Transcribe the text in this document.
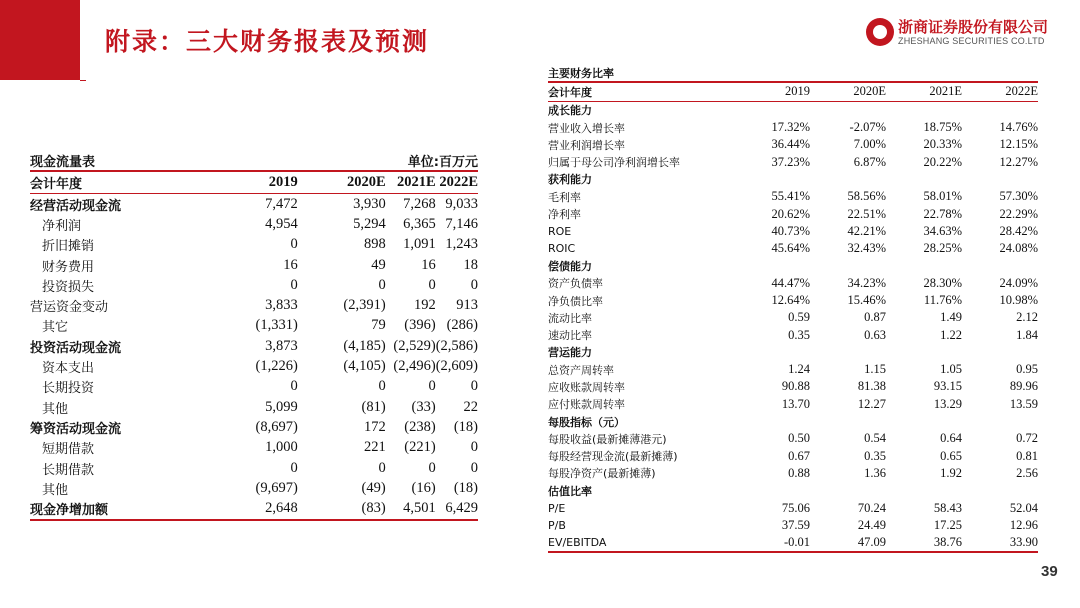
附录：三大财务报表及预测	浙商证券股份有限公司
ZHESHANG SECURITIES CO.LTD
现金流量表			单位:百万元	
会计年度	2019	2020E	2021E	2022E
经营活动现金流	7,472	3,930	7,268	9,033
净利润	4,954	5,294	6,365	7,146
折旧摊销	0	898	1,091	1,243
财务费用	16	49	16	18
投资损失	0	0	0	0
营运资金变动	3,833	(2,391)	192	913
其它	(1,331)	79	(396)	(286)
投资活动现金流	3,873	(4,185)	(2,529)	(2,586)
资本支出	(1,226)	(4,105)	(2,496)	(2,609)
长期投资	0	0	0	0
其他	5,099	(81)	(33)	22
筹资活动现金流	(8,697)	172	(238)	(18)
短期借款	1,000	221	(221)	0
长期借款	0	0	0	0
其他	(9,697)	(49)	(16)	(18)
现金净增加额	2,648	(83)	4,501	6,429
主要财务比率				
会计年度	2019	2020E	2021E	2022E
成长能力				
营业收入增长率	17.32%	-2.07%	18.75%	14.76%
营业利润增长率	36.44%	7.00%	20.33%	12.15%
归属于母公司净利润增长率	37.23%	6.87%	20.22%	12.27%
获利能力				
毛利率	55.41%	58.56%	58.01%	57.30%
净利率	20.62%	22.51%	22.78%	22.29%
ROE	40.73%	42.21%	34.63%	28.42%
ROIC	45.64%	32.43%	28.25%	24.08%
偿债能力				
资产负债率	44.47%	34.23%	28.30%	24.09%
净负债比率	12.64%	15.46%	11.76%	10.98%
流动比率	0.59	0.87	1.49	2.12
速动比率	0.35	0.63	1.22	1.84
营运能力				
总资产周转率	1.24	1.15	1.05	0.95
应收账款周转率	90.88	81.38	93.15	89.96
应付账款周转率	13.70	12.27	13.29	13.59
每股指标（元）				
每股收益(最新摊薄港元)	0.50	0.54	0.64	0.72
每股经营现金流(最新摊薄)	0.67	0.35	0.65	0.81
每股净资产(最新摊薄)	0.88	1.36	1.92	2.56
估值比率				
P/E	75.06	70.24	58.43	52.04
P/B	37.59	24.49	17.25	12.96
EV/EBITDA	-0.01	47.09	38.76	33.90
39
